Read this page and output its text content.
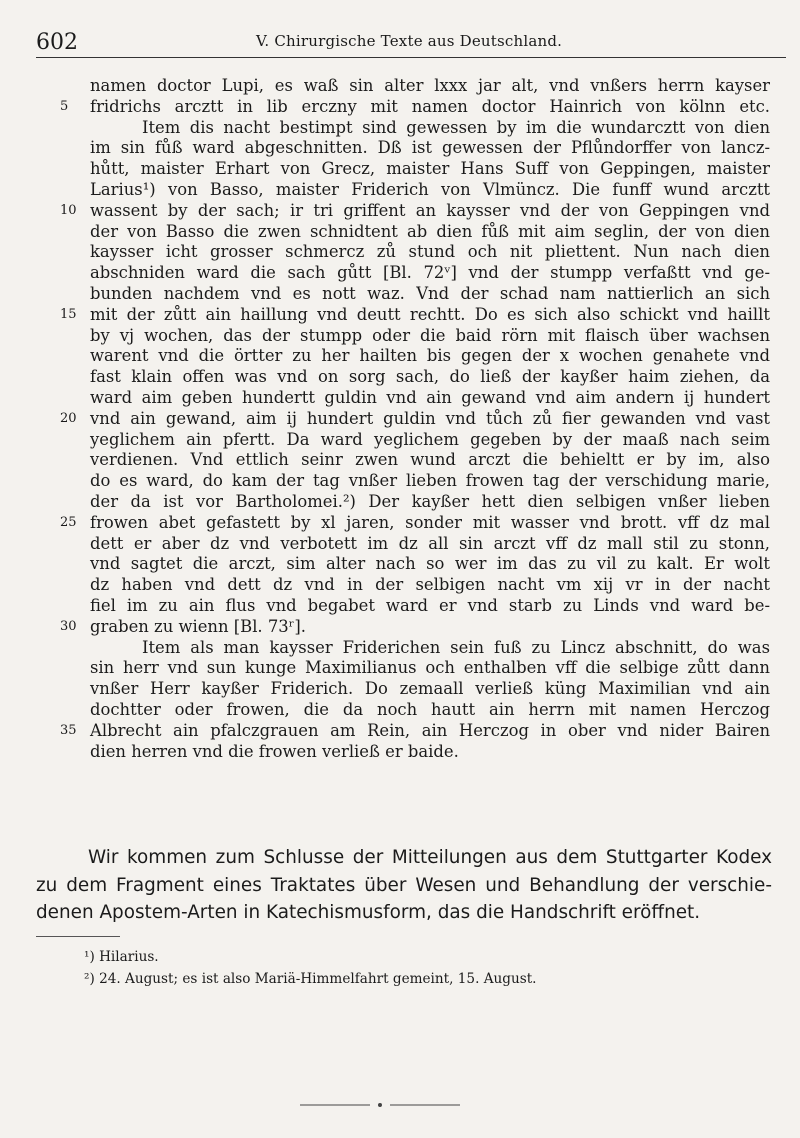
602	V. Chirurgische Texte aus Deutschland.
namen doctor Lupi, es waß sin alter lxxx jar alt, vnd vnßers herrn kayser
5	fridrichs arcztt in lib erczny mit namen doctor Hainrich von kölnn etc.
Item dis nacht bestimpt sind gewessen by im die wundarcztt von dien
im sin fůß ward abgeschnitten. Dß ist gewessen der Pflůndorffer von lancz-
hůtt, maister Erhart von Grecz, maister Hans Suff von Geppingen, maister
Larius¹) von Basso, maister Friderich von Vlmüncz. Die funff wund arcztt
10 wassent by der sach; ir tri griffent an kaysser vnd der von Geppingen vnd
der von Basso die zwen schnidtent ab dien fůß mit aim seglin, der von dien
kaysser icht grosser schmercz zů stund och nit pliettent. Nun nach dien
abschniden ward die sach gůtt [Bl. 72ᵛ] vnd der stumpp verfaßtt vnd ge-
bunden nachdem vnd es nott waz. Vnd der schad nam nattierlich an sich
15 mit der zůtt ain haillung vnd deutt rechtt. Do es sich also schickt vnd haillt
by vj wochen, das der stumpp oder die baid rörn mit flaisch über wachsen
warent vnd die örtter zu her hailten bis gegen der x wochen genahete vnd
fast klain offen was vnd on sorg sach, do ließ der kayßer haim ziehen, da
ward aim geben hundertt guldin vnd ain gewand vnd aim andern ij hundert
20 vnd ain gewand, aim ij hundert guldin vnd tůch zů fier gewanden vnd vast
yeglichem ain pfertt. Da ward yeglichem gegeben by der maaß nach seim
verdienen. Vnd ettlich seinr zwen wund arczt die behieltt er by im, also
do es ward, do kam der tag vnßer lieben frowen tag der verschidung marie,
der da ist vor Bartholomei.²) Der kayßer hett dien selbigen vnßer lieben
25 frowen abet gefastett by xl jaren, sonder mit wasser vnd brott. vff dz mal
dett er aber dz vnd verbotett im dz all sin arczt vff dz mall stil zu stonn,
vnd sagtet die arczt, sim alter nach so wer im das zu vil zu kalt. Er wolt
dz haben vnd dett dz vnd in der selbigen nacht vm xij vr in der nacht
fiel im zu ain flus vnd begabet ward er vnd starb zu Linds vnd ward be-
30 graben zu wienn [Bl. 73ʳ].
Item als man kaysser Friderichen sein fuß zu Lincz abschnitt, do was
sin herr vnd sun kunge Maximilianus och enthalben vff die selbige zůtt dann
vnßer Herr kayßer Friderich. Do zemaall verließ küng Maximilian vnd ain
dochtter oder frowen, die da noch hautt ain herrn mit namen Herczog
35 Albrecht ain pfalczgrauen am Rein, ain Herczog in ober vnd nider Bairen
dien herren vnd die frowen verließ er baide.
Wir kommen zum Schlusse der Mitteilungen aus dem Stuttgarter Kodex
zu dem Fragment eines Traktates über Wesen und Behandlung der verschie-
denen Apostem-Arten in Katechismusform, das die Handschrift eröffnet.
¹) Hilarius.
²) 24. August; es ist also Mariä-Himmelfahrt gemeint, 15. August.
